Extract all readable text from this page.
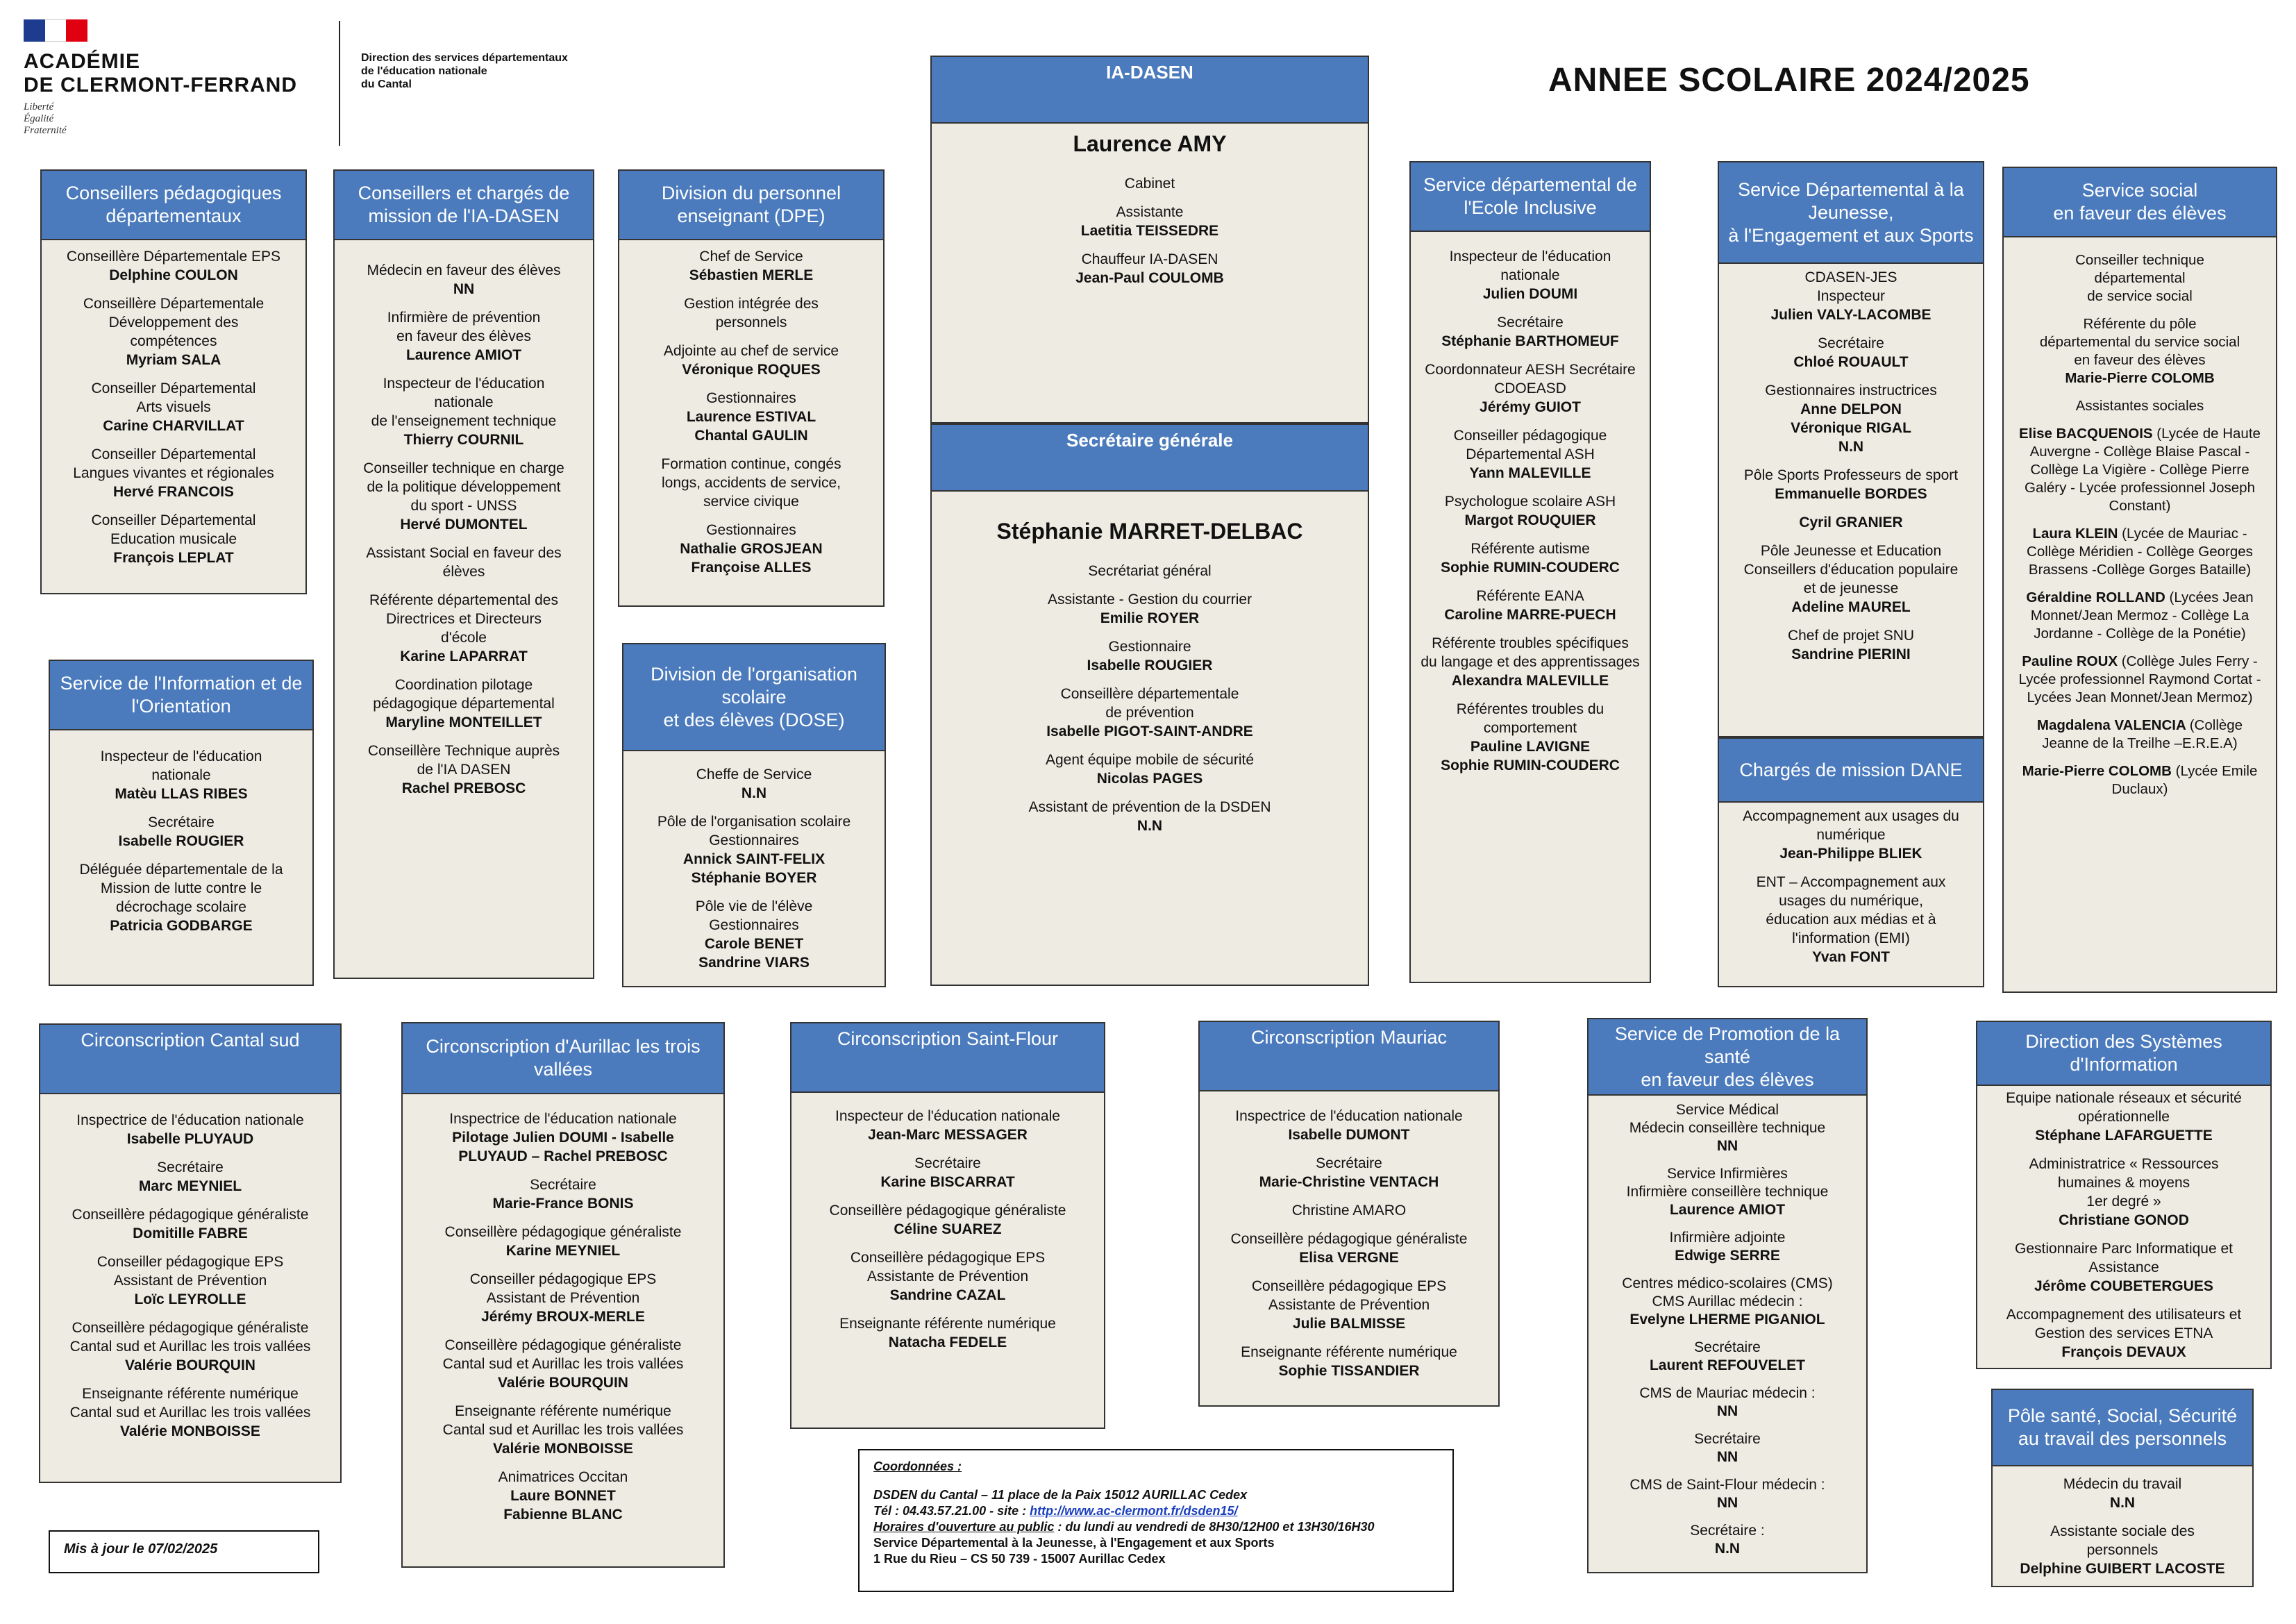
ACADÉMIE
DE CLERMONT-FERRAND
Liberté
Égalité
Fraternité
Direction des services départementaux
de l'éducation nationale
du Cantal	ANNEE SCOLAIRE 2024/2025
IA-DASEN
Laurence AMY
Cabinet
Assistante
Laetitia TEISSEDRE
Chauffeur IA-DASEN
Jean-Paul COULOMB
Secrétaire générale
Stéphanie MARRET-DELBAC
Secrétariat général
Assistante - Gestion du courrier
Emilie ROYER
Gestionnaire
Isabelle ROUGIER
Conseillère départementale
de prévention
Isabelle PIGOT-SAINT-ANDRE
Agent équipe mobile de sécurité
Nicolas PAGES
Assistant de prévention de la DSDEN
N.N
Conseillers pédagogiques départementaux
Conseillère Départementale EPS
Delphine COULON
Conseillère Départementale
Développement des
compétences
Myriam SALA
Conseiller Départemental
Arts visuels
Carine CHARVILLAT
Conseiller Départemental
Langues vivantes et régionales
Hervé FRANCOIS
Conseiller Départemental
Education musicale
François LEPLAT
Conseillers et chargés de mission de l'IA-DASEN
Médecin en faveur des élèves
NN
Infirmière de prévention
en faveur des élèves
Laurence AMIOT
Inspecteur de l'éducation
nationale
de l'enseignement technique
Thierry COURNIL
Conseiller technique en charge
de la politique développement
du sport - UNSS
Hervé DUMONTEL
Assistant Social en faveur des
élèves
Référente départemental des
Directrices et Directeurs
d'école
Karine LAPARRAT
Coordination pilotage
pédagogique départemental
Maryline MONTEILLET
Conseillère Technique auprès
de l'IA DASEN
Rachel PREBOSC
Division du personnel enseignant (DPE)
Chef de Service
Sébastien MERLE
Gestion intégrée des
personnels
Adjointe au chef de service
Véronique ROQUES
Gestionnaires
Laurence ESTIVAL
Chantal GAULIN
Formation continue, congés
longs, accidents de service,
service civique
Gestionnaires
Nathalie GROSJEAN
Françoise ALLES
Division de l'organisation scolaire
et des élèves (DOSE)
Cheffe de Service
N.N
Pôle de l'organisation scolaire
Gestionnaires
Annick SAINT-FELIX
Stéphanie BOYER
Pôle vie de l'élève
Gestionnaires
Carole BENET
Sandrine VIARS
Service de l'Information et de l'Orientation
Inspecteur de l'éducation
nationale
Matèu LLAS RIBES
Secrétaire
Isabelle ROUGIER
Déléguée départementale de la
Mission de lutte contre le
décrochage scolaire
Patricia GODBARGE
Service départemental de l'Ecole Inclusive
Inspecteur de l'éducation
nationale
Julien DOUMI
Secrétaire
Stéphanie BARTHOMEUF
Coordonnateur AESH Secrétaire
CDOEASD
Jérémy GUIOT
Conseiller pédagogique
Départemental ASH
Yann MALEVILLE
Psychologue scolaire ASH
Margot ROUQUIER
Référente autisme
Sophie RUMIN-COUDERC
Référente EANA
Caroline MARRE-PUECH
Référente troubles spécifiques
du langage et des apprentissages
Alexandra MALEVILLE
Référentes troubles du
comportement
Pauline LAVIGNE
Sophie RUMIN-COUDERC
Service Départemental à la Jeunesse,
à l'Engagement et aux Sports
CDASEN-JES
Inspecteur
Julien VALY-LACOMBE
Secrétaire
Chloé ROUAULT
Gestionnaires instructrices
Anne DELPON
Véronique RIGAL
N.N
Pôle Sports Professeurs de sport
Emmanuelle BORDES
Cyril GRANIER
Pôle Jeunesse et Education
Conseillers d'éducation populaire
et de jeunesse
Adeline MAUREL
Chef de projet SNU
Sandrine PIERINI
Chargés de mission DANE
Accompagnement aux usages du
numérique
Jean-Philippe BLIEK
ENT – Accompagnement aux
usages du numérique,
éducation aux médias et à
l'information (EMI)
Yvan FONT
Service social
en faveur des élèves
Conseiller technique
départemental
de service social
Référente du pôle
départemental du service social
en faveur des élèves
Marie-Pierre COLOMB
Assistantes sociales
Elise BACQUENOIS (Lycée de Haute Auvergne - Collège Blaise Pascal - Collège La Vigière - Collège Pierre Galéry - Lycée professionnel Joseph Constant)
Laura KLEIN (Lycée de Mauriac - Collège Méridien - Collège Georges Brassens -Collège Gorges Bataille)
Géraldine ROLLAND (Lycées Jean Monnet/Jean Mermoz - Collège La Jordanne - Collège de la Ponétie)
Pauline ROUX (Collège Jules Ferry - Lycée professionnel Raymond Cortat - Lycées Jean Monnet/Jean Mermoz)
Magdalena VALENCIA (Collège Jeanne de la Treilhe –E.R.E.A)
Marie-Pierre COLOMB (Lycée Emile Duclaux)
Circonscription Cantal sud
Inspectrice de l'éducation nationale
Isabelle PLUYAUD
Secrétaire
Marc MEYNIEL
Conseillère pédagogique généraliste
Domitille FABRE
Conseiller pédagogique EPS
Assistant de Prévention
Loïc LEYROLLE
Conseillère pédagogique généraliste
Cantal sud et Aurillac les trois vallées
Valérie BOURQUIN
Enseignante référente numérique
Cantal sud et Aurillac les trois vallées
Valérie MONBOISSE
Circonscription d'Aurillac les trois vallées
Inspectrice de l'éducation nationale
Pilotage Julien DOUMI - Isabelle
PLUYAUD – Rachel PREBOSC
Secrétaire
Marie-France BONIS
Conseillère pédagogique généraliste
Karine MEYNIEL
Conseiller pédagogique EPS
Assistant de Prévention
Jérémy BROUX-MERLE
Conseillère pédagogique généraliste
Cantal sud et Aurillac les trois vallées
Valérie BOURQUIN
Enseignante référente numérique
Cantal sud et Aurillac les trois vallées
Valérie MONBOISSE
Animatrices Occitan
Laure BONNET
Fabienne BLANC
Circonscription Saint-Flour
Inspecteur de l'éducation nationale
Jean-Marc MESSAGER
Secrétaire
Karine BISCARRAT
Conseillère pédagogique généraliste
Céline SUAREZ
Conseillère pédagogique EPS
Assistante de Prévention
Sandrine CAZAL
Enseignante référente numérique
Natacha FEDELE
Circonscription Mauriac
Inspectrice de l'éducation nationale
Isabelle DUMONT
Secrétaire
Marie-Christine VENTACH
Christine AMARO
Conseillère pédagogique généraliste
Elisa VERGNE
Conseillère pédagogique EPS
Assistante de Prévention
Julie BALMISSE
Enseignante référente numérique
Sophie TISSANDIER
Service de Promotion de la santé
en faveur des élèves
Service Médical
Médecin conseillère technique
NN
Service Infirmières
Infirmière conseillère technique
Laurence AMIOT
Infirmière adjointe
Edwige SERRE
Centres médico-scolaires (CMS)
CMS Aurillac médecin :
Evelyne LHERME PIGANIOL
Secrétaire
Laurent REFOUVELET
CMS de Mauriac médecin :
NN
Secrétaire
NN
CMS de Saint-Flour médecin :
NN
Secrétaire :
N.N
Direction des Systèmes d'Information
Equipe nationale réseaux et sécurité
opérationnelle
Stéphane LAFARGUETTE
Administratrice « Ressources
humaines & moyens
1er degré »
Christiane GONOD
Gestionnaire Parc Informatique et
Assistance
Jérôme COUBETERGUES
Accompagnement des utilisateurs et
Gestion des services ETNA
François DEVAUX
Pôle santé, Social, Sécurité
au travail des personnels
Médecin du travail
N.N
Assistante sociale des
personnels
Delphine GUIBERT LACOSTE
Coordonnées :
DSDEN du Cantal – 11 place de la Paix 15012 AURILLAC Cedex
Tél : 04.43.57.21.00 - site : http://www.ac-clermont.fr/dsden15/
Horaires d'ouverture au public : du lundi au vendredi de 8H30/12H00 et 13H30/16H30
Service Départemental à la Jeunesse, à l'Engagement et aux Sports
1 Rue du Rieu – CS 50 739 - 15007 Aurillac Cedex
Mis à jour le 07/02/2025
